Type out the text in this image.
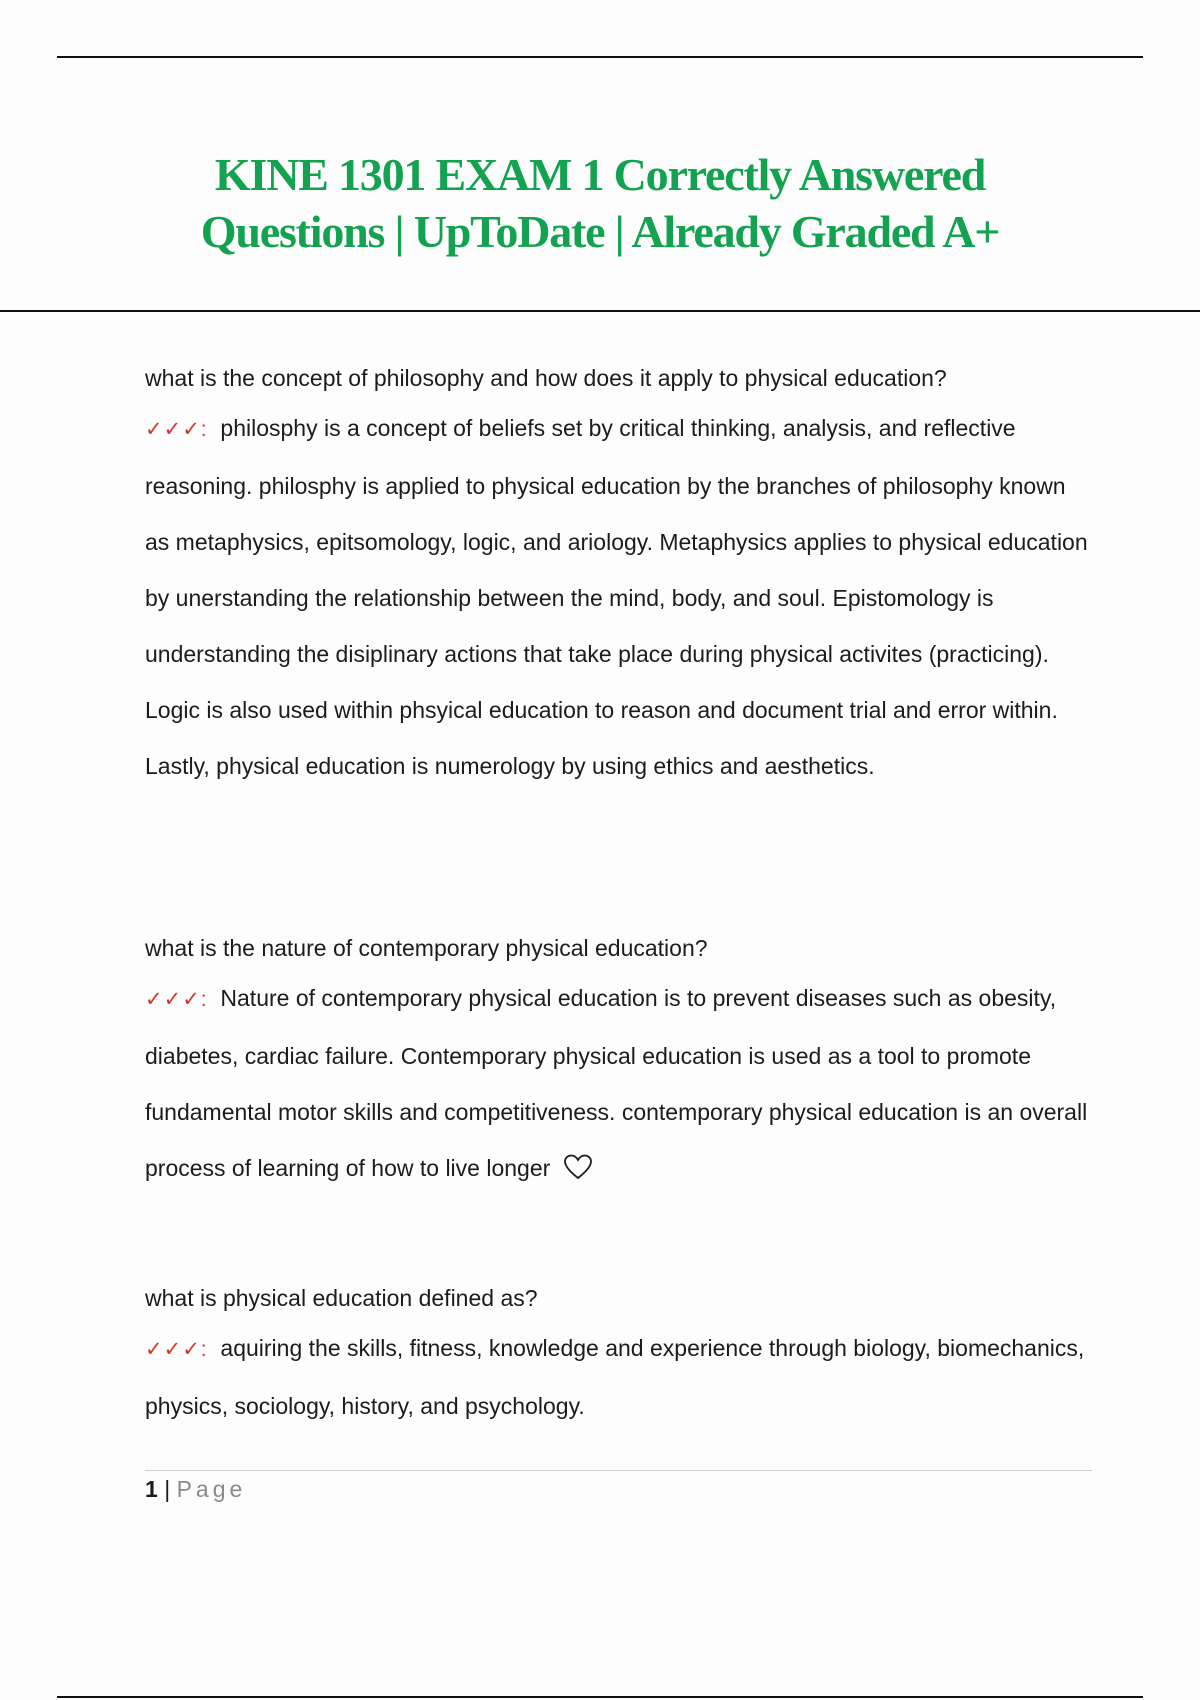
KINE 1301 EXAM 1 Correctly Answered
Questions | UpToDate | Already Graded A+
what is the concept of philosophy and how does it apply to physical education?
✓✓✓: philosphy is a concept of beliefs set by critical thinking, analysis, and reflective reasoning. philosphy is applied to physical education by the branches of philosophy known as metaphysics, epitsomology, logic, and ariology. Metaphysics applies to physical education by unerstanding the relationship between the mind, body, and soul. Epistomology is understanding the disiplinary actions that take place during physical activites (practicing). Logic is also used within phsyical education to reason and document trial and error within. Lastly, physical education is numerology by using ethics and aesthetics.
what is the nature of contemporary physical education?
✓✓✓: Nature of contemporary physical education is to prevent diseases such as obesity, diabetes, cardiac failure. Contemporary physical education is used as a tool to promote fundamental motor skills and competitiveness. contemporary physical education is an overall process of learning of how to live longer
what is physical education defined as?
✓✓✓: aquiring the skills, fitness, knowledge and experience through biology, biomechanics, physics, sociology, history, and psychology.
1 | Page
